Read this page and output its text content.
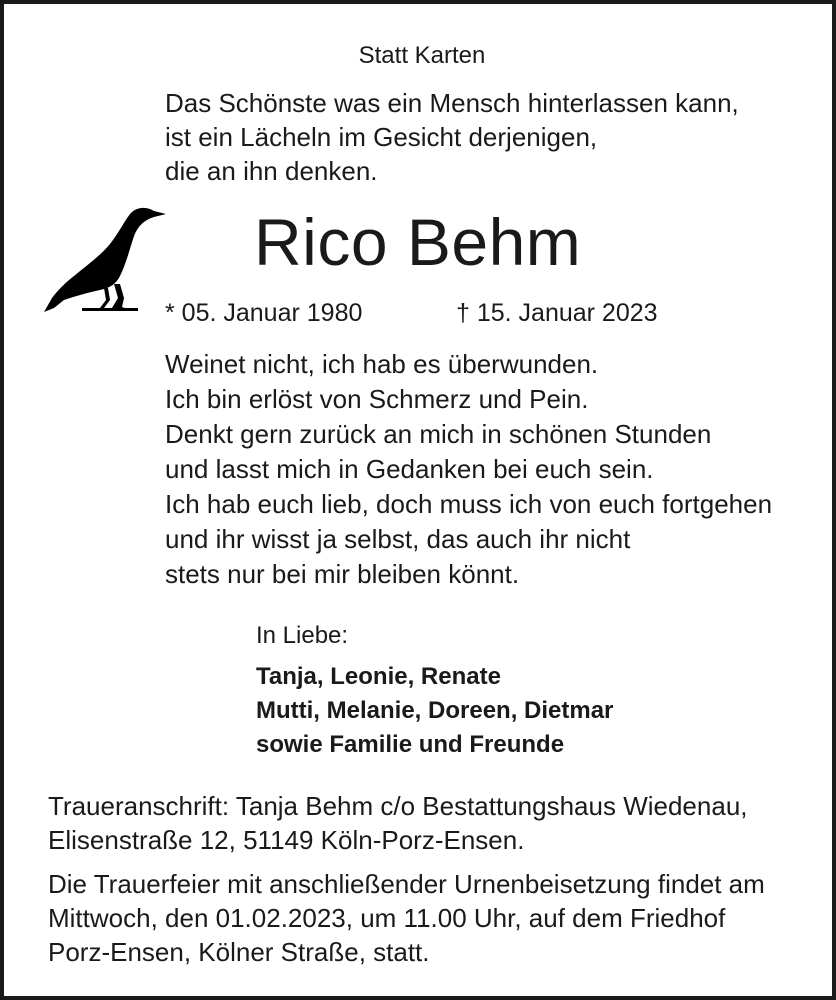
Statt Karten
Das Schönste was ein Mensch hinterlassen kann,
ist ein Lächeln im Gesicht derjenigen,
die an ihn denken.
Rico Behm
* 05. Januar 1980	† 15. Januar 2023
Weinet nicht, ich hab es überwunden.
Ich bin erlöst von Schmerz und Pein.
Denkt gern zurück an mich in schönen Stunden
und lasst mich in Gedanken bei euch sein.
Ich hab euch lieb, doch muss ich von euch fortgehen
und ihr wisst ja selbst, das auch ihr nicht
stets nur bei mir bleiben könnt.
In Liebe:
Tanja, Leonie, Renate
Mutti, Melanie, Doreen, Dietmar
sowie Familie und Freunde
Traueranschrift: Tanja Behm c/o Bestattungshaus Wiedenau,
Elisenstraße 12, 51149 Köln-Porz-Ensen.
Die Trauerfeier mit anschließender Urnenbeisetzung findet am
Mittwoch, den 01.02.2023, um 11.00 Uhr, auf dem Friedhof
Porz-Ensen, Kölner Straße, statt.
